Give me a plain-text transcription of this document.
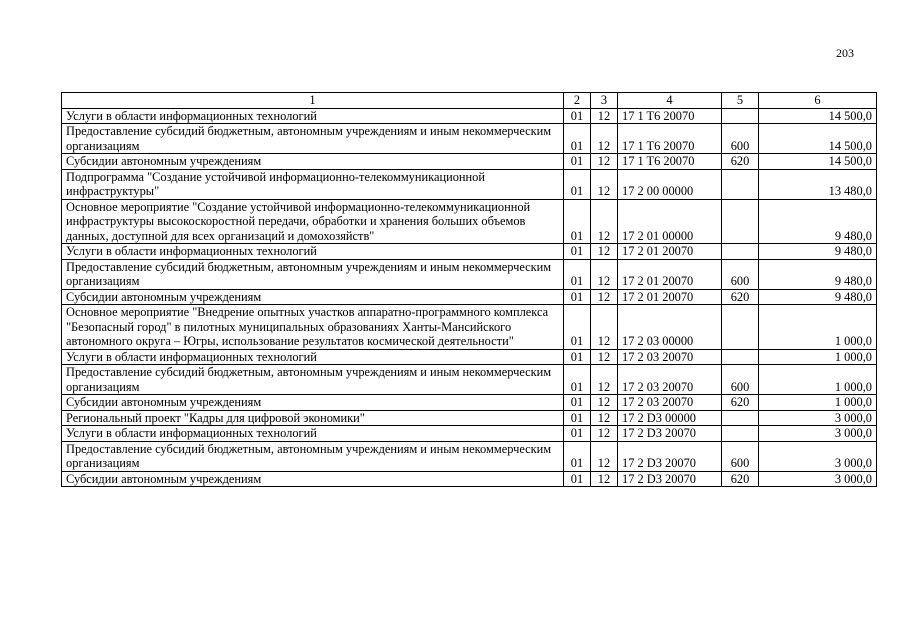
203
1	2	3	4	5	6
Услуги в области информационных технологий	01	12	17 1 T6 20070		14 500,0
Предоставление субсидий бюджетным, автономным учреждениям и иным некоммерческим организациям	01	12	17 1 T6 20070	600	14 500,0
Субсидии автономным учреждениям	01	12	17 1 T6 20070	620	14 500,0
Подпрограмма "Создание устойчивой информационно-телекоммуникационной инфраструктуры"	01	12	17 2 00 00000		13 480,0
Основное мероприятие "Создание устойчивой информационно-телекоммуникационной инфраструктуры высокоскоростной передачи, обработки и хранения больших объемов данных, доступной для всех организаций и домохозяйств"	01	12	17 2 01 00000		9 480,0
Услуги в области информационных технологий	01	12	17 2 01 20070		9 480,0
Предоставление субсидий бюджетным, автономным учреждениям и иным некоммерческим организациям	01	12	17 2 01 20070	600	9 480,0
Субсидии автономным учреждениям	01	12	17 2 01 20070	620	9 480,0
Основное мероприятие "Внедрение опытных участков аппаратно-программного комплекса "Безопасный город" в пилотных муниципальных образованиях Ханты-Мансийского автономного округа – Югры, использование результатов космической деятельности"	01	12	17 2 03 00000		1 000,0
Услуги в области информационных технологий	01	12	17 2 03 20070		1 000,0
Предоставление субсидий бюджетным, автономным учреждениям и иным некоммерческим организациям	01	12	17 2 03 20070	600	1 000,0
Субсидии автономным учреждениям	01	12	17 2 03 20070	620	1 000,0
Региональный проект "Кадры для цифровой экономики"	01	12	17 2 D3 00000		3 000,0
Услуги в области информационных технологий	01	12	17 2 D3 20070		3 000,0
Предоставление субсидий бюджетным, автономным учреждениям и иным некоммерческим организациям	01	12	17 2 D3 20070	600	3 000,0
Субсидии автономным учреждениям	01	12	17 2 D3 20070	620	3 000,0
